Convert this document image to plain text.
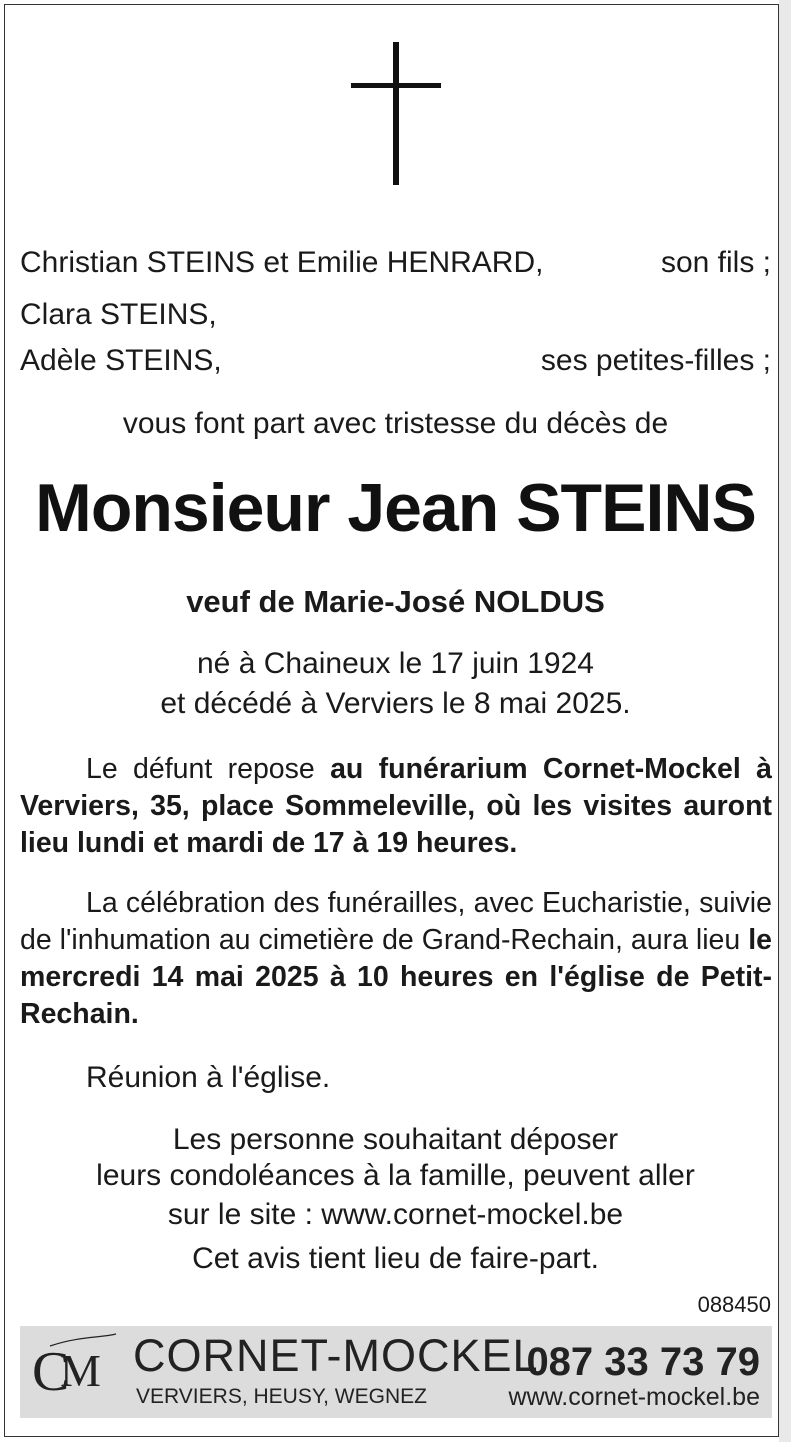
Christian STEINS et Emilie HENRARD,	son fils ;
Clara STEINS,
Adèle STEINS,	ses petites-filles ;
vous font part avec tristesse du décès de
Monsieur Jean STEINS
veuf de Marie-José NOLDUS
né à Chaineux le 17 juin 1924
et décédé à Verviers le 8 mai 2025.
Le défunt repose au funérarium Cornet-Mockel à Verviers, 35, place Sommeleville, où les visites auront lieu lundi et mardi de 17 à 19 heures.
La célébration des funérailles, avec Eucharistie, suivie de l'inhumation au cimetière de Grand-Rechain, aura lieu le mercredi 14 mai 2025 à 10 heures en l'église de Petit-Rechain.
Réunion à l'église.
Les personne souhaitant déposer
leurs condoléances à la famille, peuvent aller
sur le site : www.cornet-mockel.be
Cet avis tient lieu de faire-part.
088450
C
M CORNET-MOCKEL
087 33 73 79
VERVIERS, HEUSY, WEGNEZ	www.cornet-mockel.be
